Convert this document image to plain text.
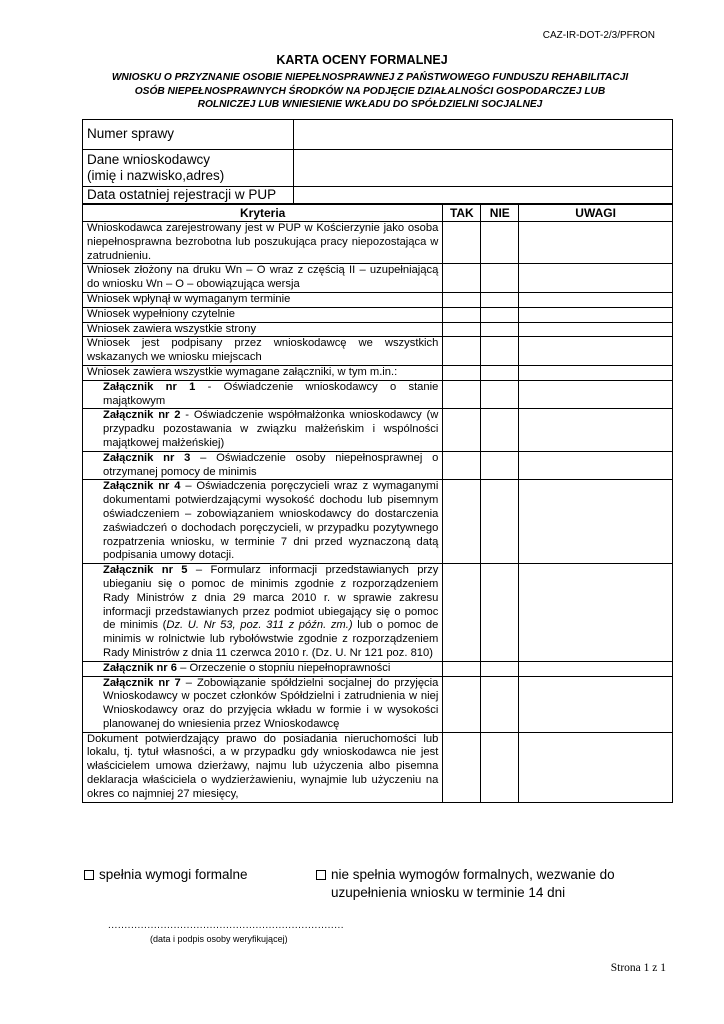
CAZ-IR-DOT-2/3/PFRON
KARTA OCENY FORMALNEJ
WNIOSKU O PRZYZNANIE OSOBIE NIEPEŁNOSPRAWNEJ Z PAŃSTWOWEGO FUNDUSZU REHABILITACJI
OSÓB NIEPEŁNOSPRAWNYCH ŚRODKÓW NA PODJĘCIE DZIAŁALNOŚCI GOSPODARCZEJ LUB
ROLNICZEJ LUB WNIESIENIE WKŁADU DO SPÓŁDZIELNI SOCJALNEJ
Numer sprawy	
Dane wnioskodawcy
(imię i nazwisko,adres)	
Data ostatniej rejestracji w PUP	
Kryteria	TAK	NIE	UWAGI
Wnioskodawca zarejestrowany jest w PUP w Kościerzynie jako osoba niepełnosprawna bezrobotna lub poszukująca pracy niepozostająca w zatrudnieniu.			
Wniosek złożony na druku Wn – O wraz z częścią II – uzupełniającą do wniosku Wn – O – obowiązująca wersja			
Wniosek wpłynął w wymaganym terminie			
Wniosek wypełniony czytelnie			
Wniosek zawiera wszystkie strony			
Wniosek jest podpisany przez wnioskodawcę we wszystkich wskazanych we wniosku miejscach			
Wniosek zawiera wszystkie wymagane załączniki, w tym m.in.:			
Załącznik nr 1 - Oświadczenie wnioskodawcy o stanie majątkowym			
Załącznik nr 2 - Oświadczenie współmałżonka wnioskodawcy (w przypadku pozostawania w związku małżeńskim i wspólności majątkowej małżeńskiej)			
Załącznik nr 3 – Oświadczenie osoby niepełnosprawnej o otrzymanej pomocy de minimis			
Załącznik nr 4 – Oświadczenia poręczycieli wraz z wymaganymi dokumentami potwierdzającymi wysokość dochodu lub pisemnym oświadczeniem – zobowiązaniem wnioskodawcy do dostarczenia zaświadczeń o dochodach poręczycieli, w przypadku pozytywnego rozpatrzenia wniosku, w terminie 7 dni przed wyznaczoną datą podpisania umowy dotacji.			
Załącznik nr 5 – Formularz informacji przedstawianych przy ubieganiu się o pomoc de minimis zgodnie z rozporządzeniem Rady Ministrów z dnia 29 marca 2010 r. w sprawie zakresu informacji przedstawianych przez podmiot ubiegający się o pomoc de minimis (Dz. U. Nr 53, poz. 311 z późn. zm.) lub o pomoc de minimis w rolnictwie lub rybołówstwie zgodnie z rozporządzeniem Rady Ministrów z dnia 11 czerwca 2010 r. (Dz. U. Nr 121 poz. 810)			
Załącznik nr 6 – Orzeczenie o stopniu niepełnoprawności			
Załącznik nr 7 – Zobowiązanie spółdzielni socjalnej do przyjęcia Wnioskodawcy w poczet członków Spółdzielni i zatrudnienia w niej Wnioskodawcy oraz do przyjęcia wkładu w formie i w wysokości planowanej do wniesienia przez Wnioskodawcę			
Dokument potwierdzający prawo do posiadania nieruchomości lub lokalu, tj. tytuł własności, a w przypadku gdy wnioskodawca nie jest właścicielem umowa dzierżawy, najmu lub użyczenia albo pisemna deklaracja właściciela o wydzierżawieniu, wynajmie lub użyczeniu na okres co najmniej 27 miesięcy,			
spełnia wymogi formalne	nie spełnia wymogów formalnych, wezwanie do uzupełnienia wniosku w terminie 14 dni
........................................................................
(data i podpis osoby weryfikującej)
Strona 1 z 1
